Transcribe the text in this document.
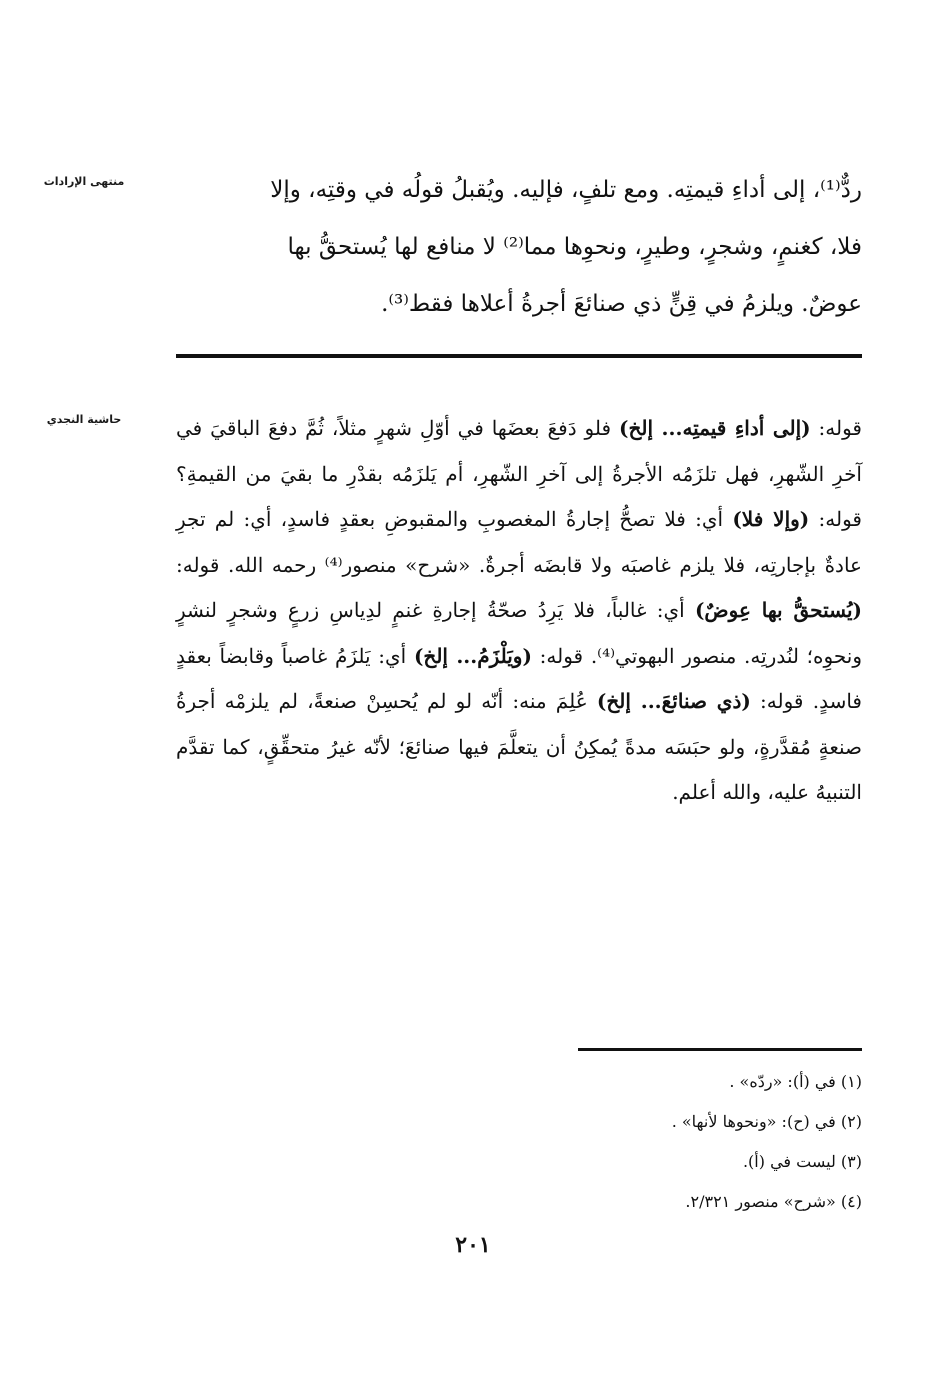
منتهى الإرادات
حاشية النجدي
ردٌّ⁽¹⁾، إلى أداءِ قيمتِه. ومع تلفٍ، فإليه. ويُقبلُ قولُه في وقتِه، وإلا
فلا، كغنمٍ، وشجرٍ، وطيرٍ، ونحوِها مما⁽²⁾ لا منافع لها يُستحقُّ بها
عوضٌ. ويلزمُ في قِنٍّ ذي صنائعَ أجرةُ أعلاها فقط⁽³⁾.
قوله: (إلى أداءِ قيمتِه... إلخ) فلو دَفعَ بعضَها في أوّلِ شهرٍ مثلاً، ثُمَّ دفعَ الباقيَ في آخرِ الشّهرِ، فهل تلزَمُه الأجرةُ إلى آخرِ الشّهرِ، أم يَلزَمُه بقدْرِ ما بقيَ من القيمةِ؟ قوله: (وإلا فلا) أي: فلا تصحُّ إجارةُ المغصوبِ والمقبوضِ بعقدٍ فاسدٍ، أي: لم تجرِ عادةٌ بإجارتِه، فلا يلزم غاصبَه ولا قابضَه أجرةٌ. «شرح» منصور⁽⁴⁾ رحمه الله. قوله: (يُستحقُّ بها عِوضٌ) أي: غالباً، فلا يَرِدُ صحّةُ إجارةِ غنمٍ لدِياسِ زرعٍ وشجرٍ لنشرٍ ونحوِه؛ لنُدرتِه. منصور البهوتي⁽⁴⁾. قوله: (ويَلْزَمُ... إلخ) أي: يَلزَمُ غاصباً وقابضاً بعقدٍ فاسدٍ. قوله: (ذي صنائعَ... إلخ) عُلِمَ منه: أنّه لو لم يُحسِنْ صنعةً، لم يلزمْه أجرةُ صنعةٍ مُقدَّرةٍ، ولو حبَسَه مدةً يُمكِنُ أن يتعلَّمَ فيها صنائعَ؛ لأنّه غيرُ متحقِّقٍ، كما تقدَّم التنبيهُ عليه، والله أعلم.
(١) في (أ): «ردّه» .
(٢) في (ح): «ونحوها لأنها» .
(٣) ليست في (أ).
(٤) «شرح» منصور ٢/٣٢١.
٢٠١
